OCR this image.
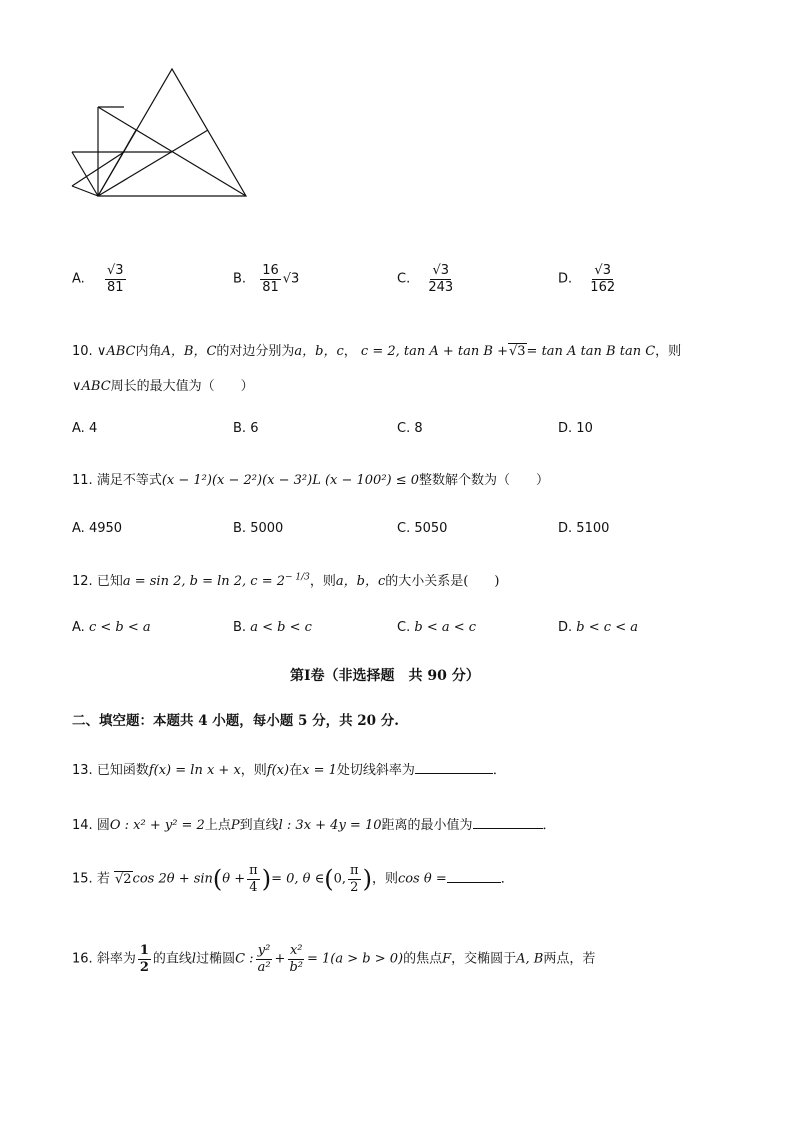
A. $\frac{√3}{81}$	B. $\frac{16}{81} √3$	C. $\frac{√3}{243}$	D. $\frac{√3}{162}$
10. ∨ABC内角A，B，C的对边分别为a，b，c， c = 2, tan A + tan B +√3= tan A tan B tan C，则
∨ABC周长的最大值为（　　）
A. 4	B. 6	C. 8	D. 10
11. 满足不等式(x − 1²)(x − 2²)(x − 3²)L (x − 100²) ≤ 0整数解个数为（　　）
A. 4950	B. 5000	C. 5050	D. 5100
12. 已知a = sin 2, b = ln 2, $c = 2^{- 1/3}$，则a，b，c的大小关系是(　　)
A. c < b < a	B. a < b < c	C. b < a < c	D. b < c < a
第Ⅰ卷（非选择题　共 90 分）
二、填空题：本题共 4 小题，每小题 5 分，共 20 分.
13. 已知函数f(x) = ln x + x，则f(x)在x = 1处切线斜率为	．
14. 圆O : x² + y² = 2上点P到直线l : 3x + 4y = 10距离的最小值为	．
15. 若 √2cos $2\theta + \sin(\theta + \frac{\pi}{4}$ )= 0, θ ∈(0, $\frac{\pi}{2}$ )，则cos θ =	．
16. 斜率为 $\frac{1}{2}$ 的直线l过椭圆C : $\frac{\text{y²}}{\text{a²}} + \frac{\text{x²}}{\text{b²}} = 1(a > b > 0)$的焦点F，交椭圆于A, B两点，若
